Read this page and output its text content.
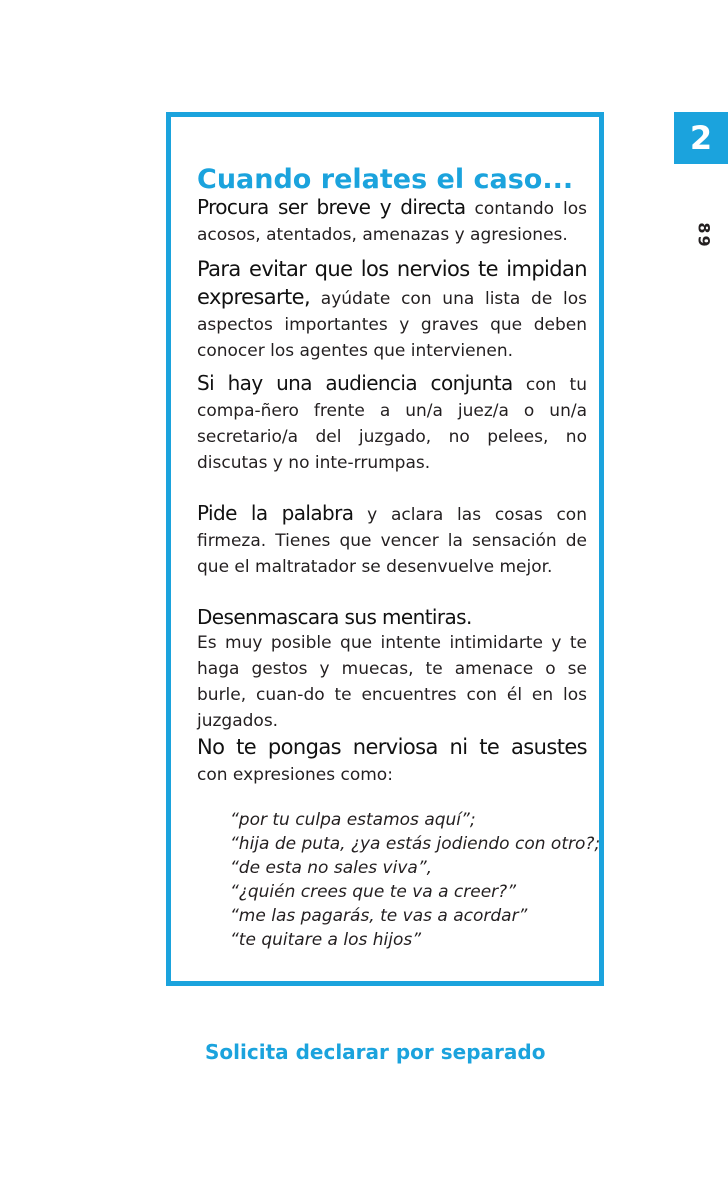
2
89
Cuando relates el caso...

Procura ser breve y directa contando los acosos, atentados, amenazas y agresiones.

Para evitar que los nervios te impidan expresarte, ayúdate con una lista de los aspectos importantes y graves que deben conocer los agentes que intervienen.

Si hay una audiencia conjunta con tu compa-ñero frente a un/a juez/a o un/a secretario/a del juzgado, no pelees, no discutas y no inte-rrumpas.

Pide la palabra y aclara las cosas con firmeza. Tienes que vencer la sensación de que el maltratador se desenvuelve mejor.

Desenmascara sus mentiras.
Es muy posible que intente intimidarte y te haga gestos y muecas, te amenace o se burle, cuan-do te encuentres con él en los juzgados.

No te pongas nerviosa ni te asustes con expresiones como:

“por tu culpa estamos aquí”;
“hija de puta, ¿ya estás jodiendo con otro?;
“de esta no sales viva”,
“¿quién crees que te va a creer?”
“me las pagarás, te vas a acordar”
“te quitare a los hijos”
Solicita declarar por separado
